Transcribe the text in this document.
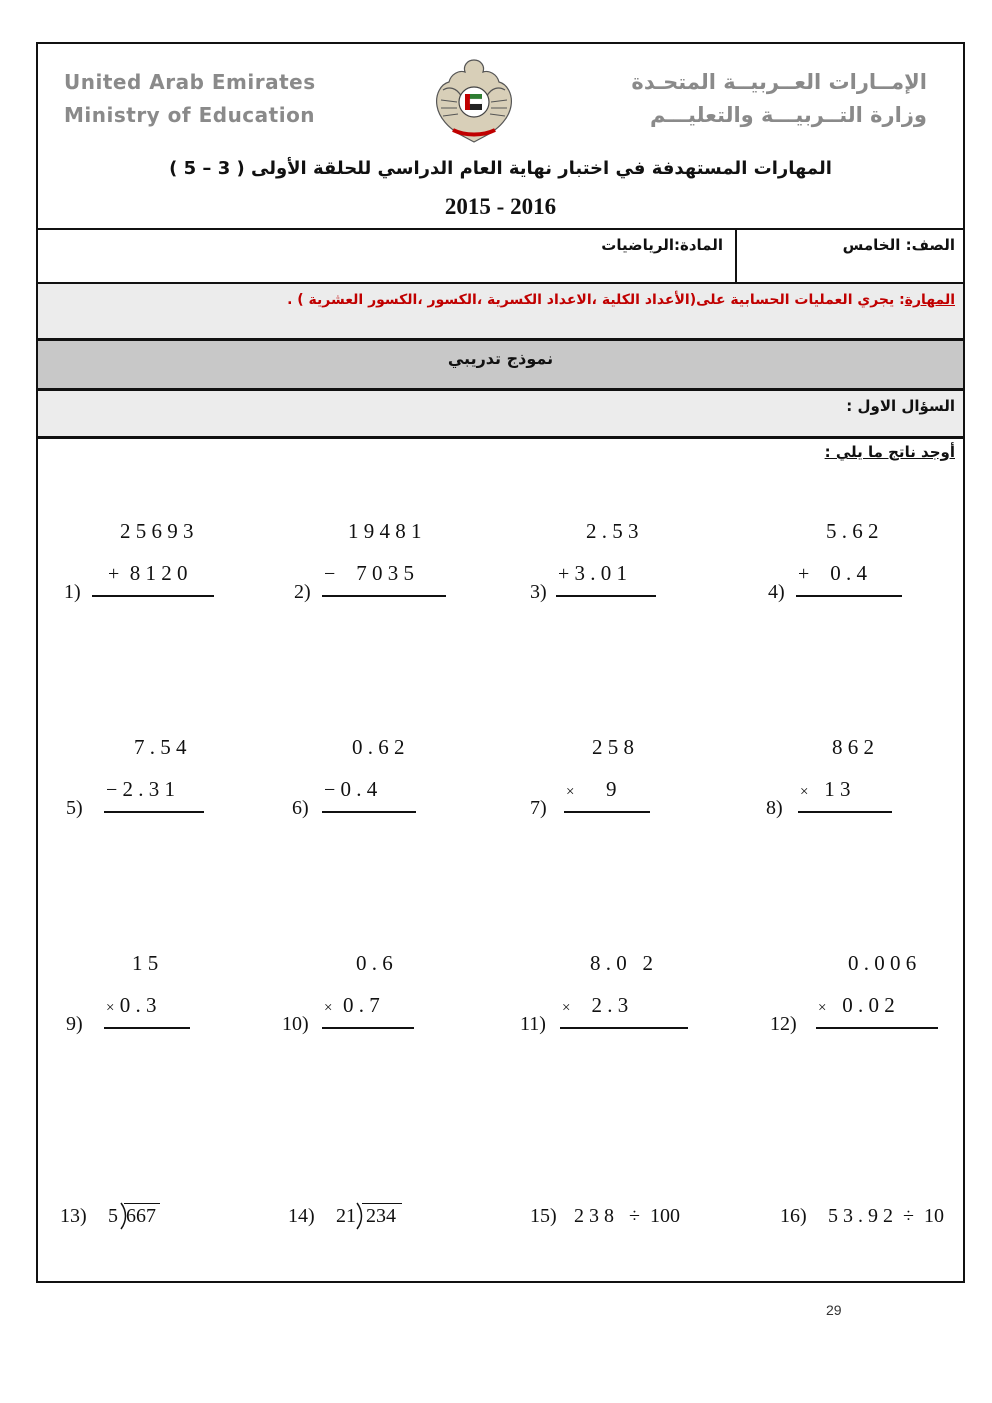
United Arab Emirates
Ministry of Education
الإمــارات العــربيــة المتحـدة
وزارة التــربيـــة والتعليـــم
المهارات المستهدفة في اختبار نهاية العام الدراسي للحلقة الأولى ( 3 – 5 )
2015 - 2016
الصف: الخامس
المادة:الرياضيات
المهارة: يجري العمليات الحسابية على(الأعداد الكلية ،الاعداد الكسرية ،الكسور ،الكسور العشرية ) .
نموذج تدريبي
السؤال الاول :
أوجد ناتج ما يلي :
1)
2 5 6 9 3
+ 8 1 2 0
2)
1 9 4 8 1
− 7 0 3 5
3)
2 . 5 3
+ 3 . 0 1
4)
5 . 6 2
+ 0 . 4
5)
7 . 5 4
− 2 . 3 1
6)
0 . 6 2
− 0 . 4
7)
2 5 8
× 9
8)
8 6 2
× 1 3
9)
1 5
× 0 . 3
10)
0 . 6
× 0 . 7
11)
8 . 0   2
× 2 . 3
12)
0 . 0 0 6
× 0 . 0 2
13) 5 667	14) 21 234	15) 2 3 8   ÷  100	16) 5 3 . 9 2  ÷  10
29
